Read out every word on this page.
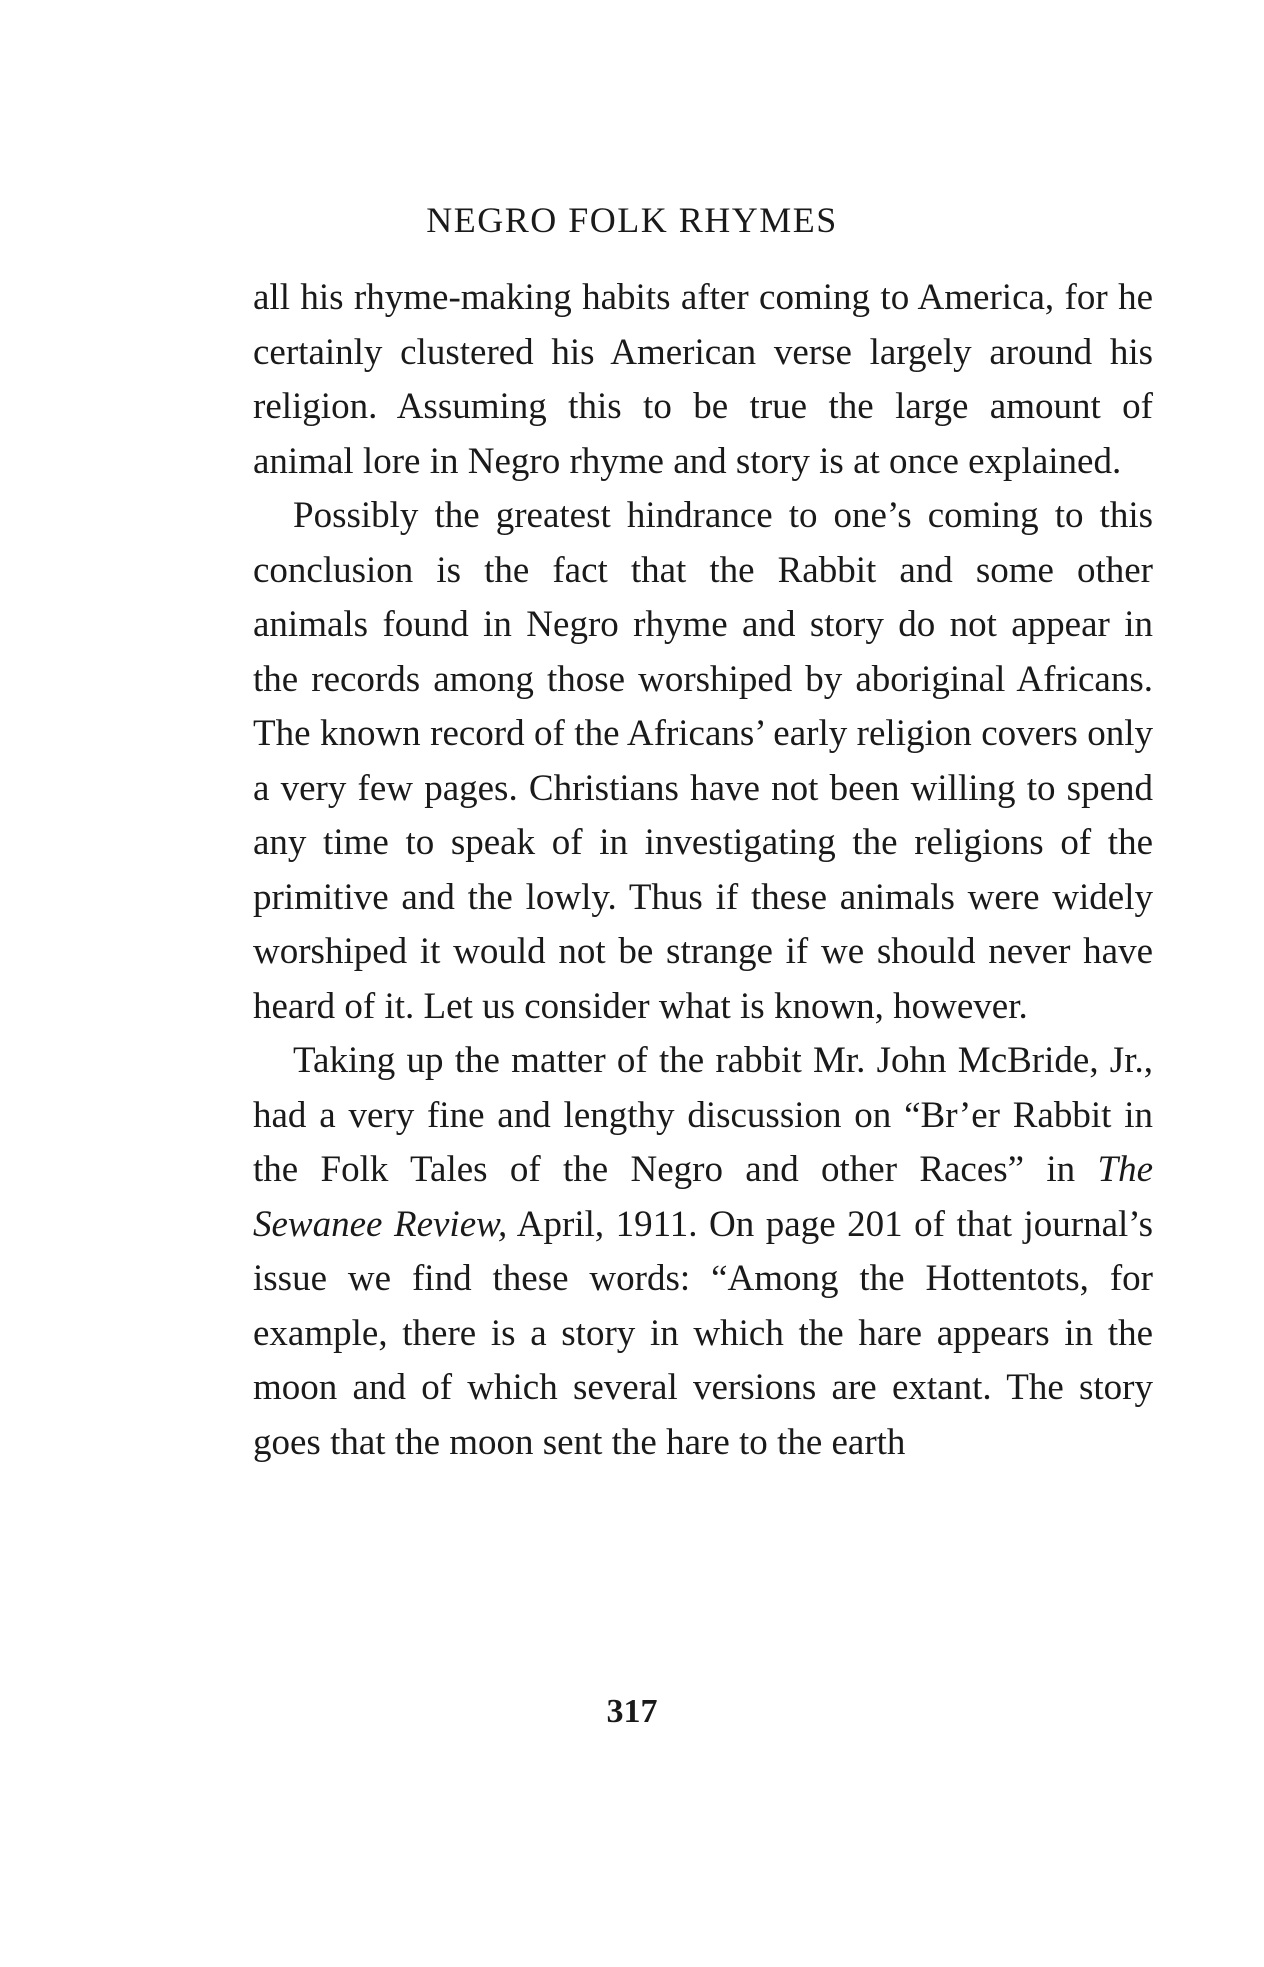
NEGRO FOLK RHYMES

all his rhyme-making habits after coming to America, for he certainly clustered his American verse largely around his religion. Assuming this to be true the large amount of animal lore in Negro rhyme and story is at once explained.

Possibly the greatest hindrance to one’s coming to this conclusion is the fact that the Rabbit and some other animals found in Negro rhyme and story do not appear in the records among those worshiped by aboriginal Africans. The known record of the Africans’ early religion covers only a very few pages. Christians have not been willing to spend any time to speak of in investigating the religions of the primitive and the lowly. Thus if these animals were widely worshiped it would not be strange if we should never have heard of it. Let us consider what is known, however.

Taking up the matter of the rabbit Mr. John McBride, Jr., had a very fine and lengthy discussion on “Br’er Rabbit in the Folk Tales of the Negro and other Races” in The Sewanee Review, April, 1911. On page 201 of that journal’s issue we find these words: “Among the Hottentots, for example, there is a story in which the hare appears in the moon and of which several versions are extant. The story goes that the moon sent the hare to the earth

317
